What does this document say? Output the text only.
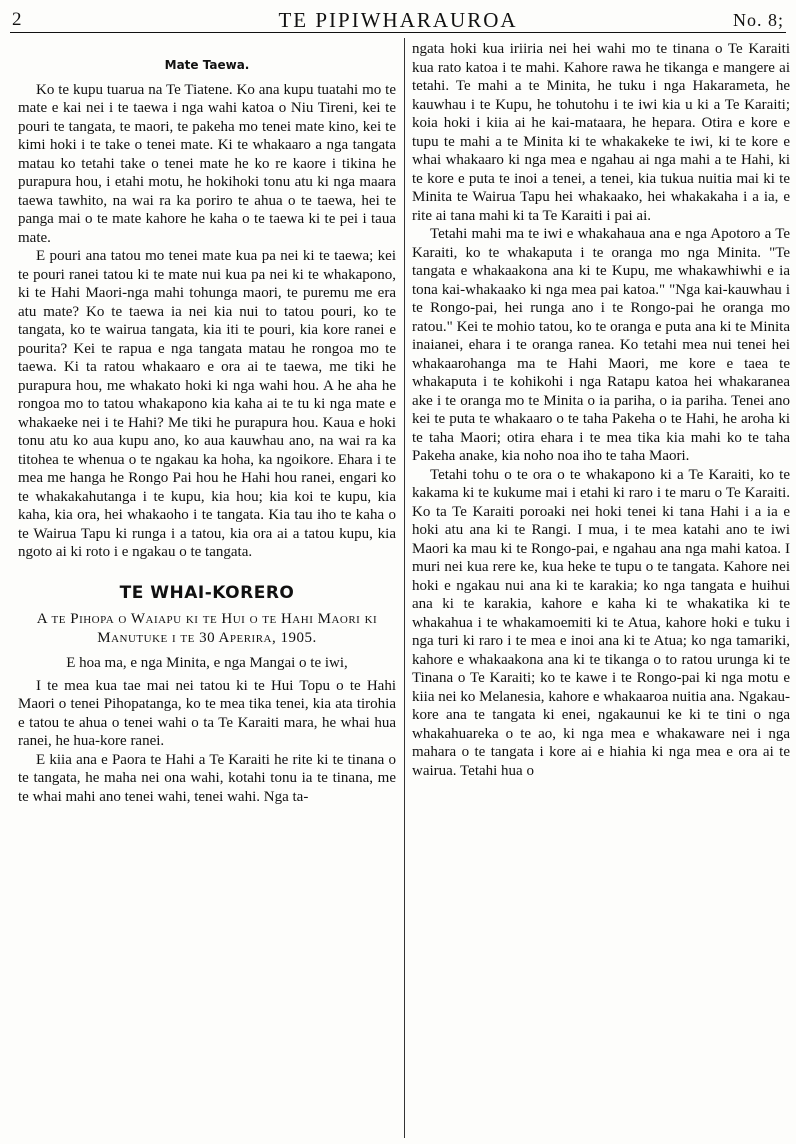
2	TE PIPIWHARAUROA	No. 8;
Mate Taewa.

Ko te kupu tuarua na Te Tiatene. Ko ana kupu tuatahi mo te mate e kai nei i te taewa i nga wahi katoa o Niu Tireni, kei te pouri te tangata, te maori, te pakeha mo tenei mate kino, kei te kimi hoki i te take o tenei mate. Ki te whakaaro a nga tangata matau ko tetahi take o tenei mate he ko re kaore i tikina he purapura hou, i etahi motu, he hokihoki tonu atu ki nga maara taewa tawhito, na wai ra ka poriro te ahua o te taewa, hei te panga mai o te mate kahore he kaha o te taewa ki te pei i taua mate.

E pouri ana tatou mo tenei mate kua pa nei ki te taewa; kei te pouri ranei tatou ki te mate nui kua pa nei ki te whakapono, ki te Hahi Maori-nga mahi tohunga maori, te puremu me era atu mate? Ko te taewa ia nei kia nui to tatou pouri, ko te tangata, ko te wairua tangata, kia iti te pouri, kia kore ranei e pourita? Kei te rapua e nga tangata matau he rongoa mo te taewa. Ki ta ratou whakaaro e ora ai te taewa, me tiki he purapura hou, me whakato hoki ki nga wahi hou. A he aha he rongoa mo to tatou whakapono kia kaha ai te tu ki nga mate e whakaeke nei i te Hahi? Me tiki he purapura hou. Kaua e hoki tonu atu ko aua kupu ano, ko aua kauwhau ano, na wai ra ka titohea te whenua o te ngakau ka hoha, ka ngoikore. Ehara i te mea me hanga he Rongo Pai hou he Hahi hou ranei, engari ko te whakakahutanga i te kupu, kia hou; kia koi te kupu, kia kaha, kia ora, hei whakaoho i te tangata. Kia tau iho te kaha o te Wairua Tapu ki runga i a tatou, kia ora ai a tatou kupu, kia ngoto ai ki roto i e ngakau o te tangata.

TE WHAI-KORERO
A te Pihopa o Waiapu ki te Hui o te Hahi Maori ki Manutuke i te 30 Aperira, 1905.
E hoa ma, e nga Minita, e nga Mangai o te iwi,

I te mea kua tae mai nei tatou ki te Hui Topu o te Hahi Maori o tenei Pihopatanga, ko te mea tika tenei, kia ata tirohia e tatou te ahua o tenei wahi o ta Te Karaiti mara, he whai hua ranei, he hua-kore ranei.

E kiia ana e Paora te Hahi a Te Karaiti he rite ki te tinana o te tangata, he maha nei ona wahi, kotahi tonu ia te tinana, me te whai mahi ano tenei wahi, tenei wahi. Nga ta-

ngata hoki kua iriiria nei hei wahi mo te tinana o Te Karaiti kua rato katoa i te mahi. Kahore rawa he tikanga e mangere ai tetahi. Te mahi a te Minita, he tuku i nga Hakarameta, he kauwhau i te Kupu, he tohutohu i te iwi kia u ki a Te Karaiti; koia hoki i kiia ai he kai-mataara, he hepara. Otira e kore e tupu te mahi a te Minita ki te whakakeke te iwi, ki te kore e whai whakaaro ki nga mea e ngahau ai nga mahi a te Hahi, ki te kore e puta te inoi a tenei, a tenei, kia tukua nuitia mai ki te Minita te Wairua Tapu hei whakaako, hei whakakaha i a ia, e rite ai tana mahi ki ta Te Karaiti i pai ai.

Tetahi mahi ma te iwi e whakahaua ana e nga Apotoro a Te Karaiti, ko te whakaputa i te oranga mo nga Minita. "Te tangata e whakaakona ana ki te Kupu, me whakawhiwhi e ia tona kai-whakaako ki nga mea pai katoa." "Nga kai-kauwhau i te Rongo-pai, hei runga ano i te Rongo-pai he oranga mo ratou." Kei te mohio tatou, ko te oranga e puta ana ki te Minita inaianei, ehara i te oranga ranea. Ko tetahi mea nui tenei hei whakaarohanga ma te Hahi Maori, me kore e taea te whakaputa i te kohikohi i nga Ratapu katoa hei whakaranea ake i te oranga mo te Minita o ia pariha, o ia pariha. Tenei ano kei te puta te whakaaro o te taha Pakeha o te Hahi, he aroha ki te taha Maori; otira ehara i te mea tika kia mahi ko te taha Pakeha anake, kia noho noa iho te taha Maori.

Tetahi tohu o te ora o te whakapono ki a Te Karaiti, ko te kakama ki te kukume mai i etahi ki raro i te maru o Te Karaiti. Ko ta Te Karaiti poroaki nei hoki tenei ki tana Hahi i a ia e hoki atu ana ki te Rangi. I mua, i te mea katahi ano te iwi Maori ka mau ki te Rongo-pai, e ngahau ana nga mahi katoa. I muri nei kua rere ke, kua heke te tupu o te tangata. Kahore nei hoki e ngakau nui ana ki te karakia; ko nga tangata e huihui ana ki te karakia, kahore e kaha ki te whakatika ki te whakahua i te whakamoemiti ki te Atua, kahore hoki e tuku i nga turi ki raro i te mea e inoi ana ki te Atua; ko nga tamariki, kahore e whakaakona ana ki te tikanga o to ratou urunga ki te Tinana o Te Karaiti; ko te kawe i te Rongo-pai ki nga motu e kiia nei ko Melanesia, kahore e whakaaroa nuitia ana. Ngakau-kore ana te tangata ki enei, ngakaunui ke ki te tini o nga whakahuareka o te ao, ki nga mea e whakaware nei i nga mahara o te tangata i kore ai e hiahia ki nga mea e ora ai te wairua. Tetahi hua o
